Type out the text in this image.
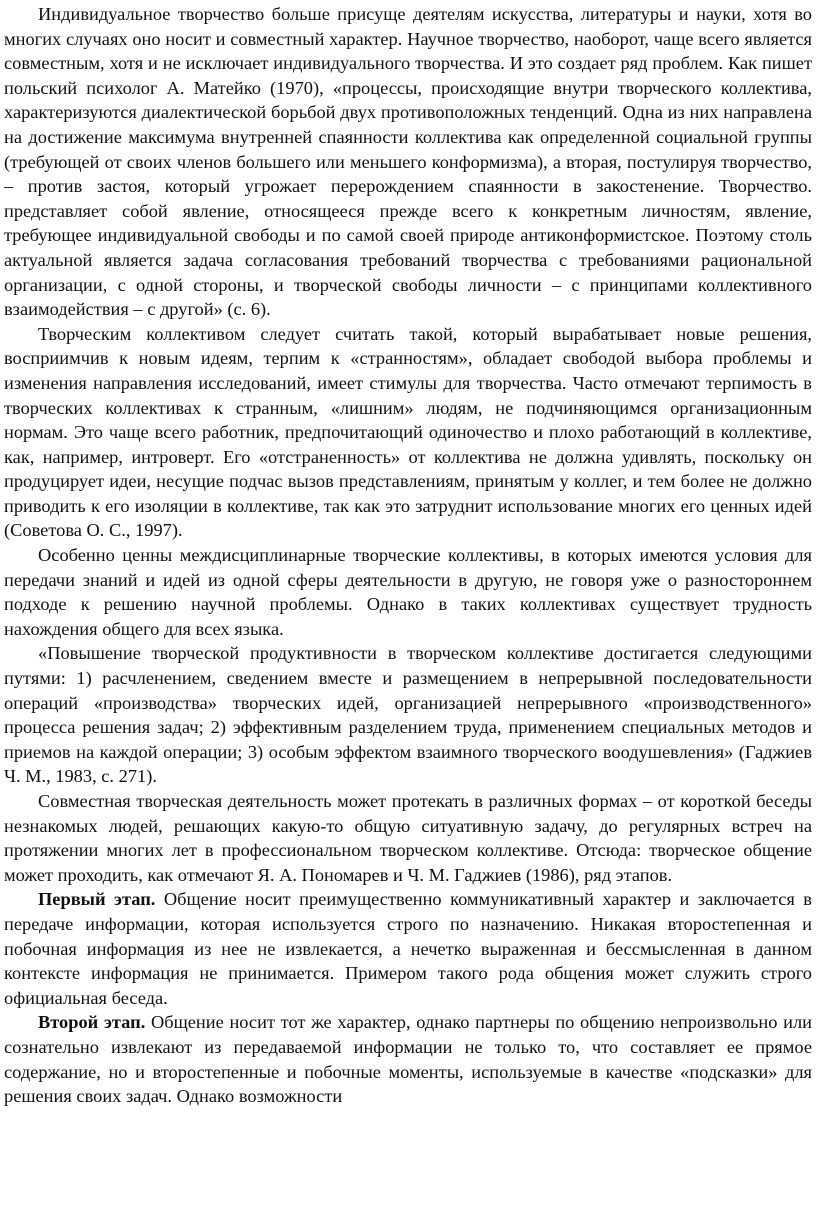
Индивидуальное творчество больше присуще деятелям искусства, литературы и науки, хотя во многих случаях оно носит и совместный характер. Научное творчество, наоборот, чаще всего является совместным, хотя и не исключает индивидуального творчества. И это создает ряд проблем. Как пишет польский психолог А. Матейко (1970), «процессы, происходящие внутри творческого коллектива, характеризуются диалектической борьбой двух противоположных тенденций. Одна из них направлена на достижение максимума внутренней спаянности коллектива как определенной социальной группы (требующей от своих членов большего или меньшего конформизма), а вторая, постулируя творчество, – против застоя, который угрожает перерождением спаянности в закостенение. Творчество. представляет собой явление, относящееся прежде всего к конкретным личностям, явление, требующее индивидуальной свободы и по самой своей природе антиконформистское. Поэтому столь актуальной является задача согласования требований творчества с требованиями рациональной организации, с одной стороны, и творческой свободы личности – с принципами коллективного взаимодействия – с другой» (с. 6).

Творческим коллективом следует считать такой, который вырабатывает новые решения, восприимчив к новым идеям, терпим к «странностям», обладает свободой выбора проблемы и изменения направления исследований, имеет стимулы для творчества. Часто отмечают терпимость в творческих коллективах к странным, «лишним» людям, не подчиняющимся организационным нормам. Это чаще всего работник, предпочитающий одиночество и плохо работающий в коллективе, как, например, интроверт. Его «отстраненность» от коллектива не должна удивлять, поскольку он продуцирует идеи, несущие подчас вызов представлениям, принятым у коллег, и тем более не должно приводить к его изоляции в коллективе, так как это затруднит использование многих его ценных идей (Советова О. С., 1997).

Особенно ценны междисциплинарные творческие коллективы, в которых имеются условия для передачи знаний и идей из одной сферы деятельности в другую, не говоря уже о разностороннем подходе к решению научной проблемы. Однако в таких коллективах существует трудность нахождения общего для всех языка.

«Повышение творческой продуктивности в творческом коллективе достигается следующими путями: 1) расчленением, сведением вместе и размещением в непрерывной последовательности операций «производства» творческих идей, организацией непрерывного «производственного» процесса решения задач; 2) эффективным разделением труда, применением специальных методов и приемов на каждой операции; 3) особым эффектом взаимного творческого воодушевления» (Гаджиев Ч. М., 1983, с. 271).

Совместная творческая деятельность может протекать в различных формах – от короткой беседы незнакомых людей, решающих какую-то общую ситуативную задачу, до регулярных встреч на протяжении многих лет в профессиональном творческом коллективе. Отсюда: творческое общение может проходить, как отмечают Я. А. Пономарев и Ч. М. Гаджиев (1986), ряд этапов.

Первый этап. Общение носит преимущественно коммуникативный характер и заключается в передаче информации, которая используется строго по назначению. Никакая второстепенная и побочная информация из нее не извлекается, а нечетко выраженная и бессмысленная в данном контексте информация не принимается. Примером такого рода общения может служить строго официальная беседа.

Второй этап. Общение носит тот же характер, однако партнеры по общению непроизвольно или сознательно извлекают из передаваемой информации не только то, что составляет ее прямое содержание, но и второстепенные и побочные моменты, используемые в качестве «подсказки» для решения своих задач. Однако возможности
